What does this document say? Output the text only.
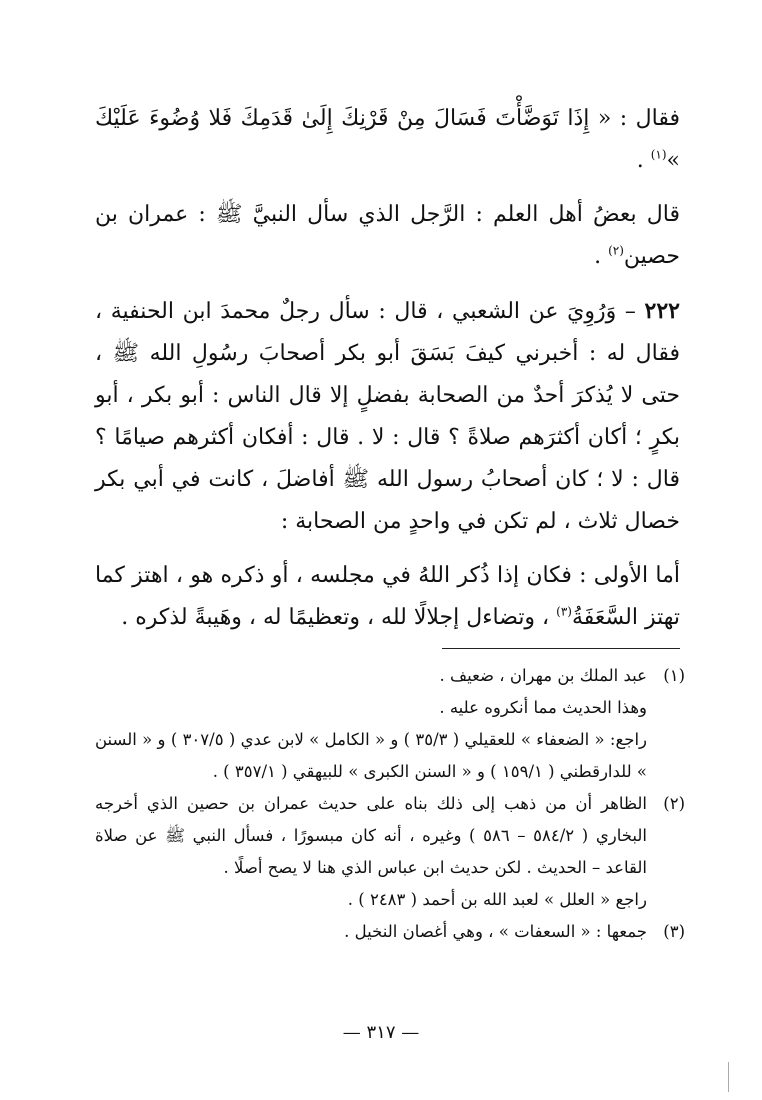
فقال : « إِذَا تَوَضَّأْتَ فَسَالَ مِنْ قَرْنِكَ إِلَىٰ قَدَمِكَ فَلا وُضُوءَ عَلَيْكَ »$^{(١)}$ .

قال بعضُ أهل العلم : الرَّجل الذي سأل النبيَّ ﷺ : عمران بن حصين$^{(٢)}$ .

٢٢٢ – وَرُوِيَ عن الشعبي ، قال : سأل رجلٌ محمدَ ابن الحنفية ، فقال له : أخبرني كيفَ بَسَقَ أبو بكر أصحابَ رسُولِ الله ﷺ ، حتى لا يُذكرَ أحدٌ من الصحابة بفضلٍ إلا قال الناس : أبو بكر ، أبو بكرٍ ؛ أكان أكثرَهم صلاةً ؟ قال : لا . قال : أفكان أكثرهم صيامًا ؟ قال : لا ؛ كان أصحابُ رسول الله ﷺ أفاضلَ ، كانت في أبي بكر خصال ثلاث ، لم تكن في واحدٍ من الصحابة :

أما الأولى : فكان إذا ذُكر اللهُ في مجلسه ، أو ذكره هو ، اهتز كما تهتز السَّعَفَةُ$^{(٣)}$ ، وتضاءل إجلالًا لله ، وتعظيمًا له ، وهَيبةً لذكره .

(١)
عبد الملك بن مهران ، ضعيف .
وهذا الحديث مما أنكروه عليه .
راجع: « الضعفاء » للعقيلي ( ٣٥/٣ ) و « الكامل » لابن عدي ( ٣٠٧/٥ ) و « السنن » للدارقطني ( ١٥٩/١ ) و « السنن الكبرى » للبيهقي ( ٣٥٧/١ ) .
(٢)
الظاهر أن من ذهب إلى ذلك بناه على حديث عمران بن حصين الذي أخرجه البخاري ( ٥٨٤/٢ – ٥٨٦ ) وغيره ، أنه كان مبسورًا ، فسأل النبي ﷺ عن صلاة القاعد – الحديث . لكن حديث ابن عباس الذي هنا لا يصح أصلًا .
راجع « العلل » لعبد الله بن أحمد ( ٢٤٨٣ ) .
(٣)
جمعها : « السعفات » ، وهي أغصان النخيل .
— ٣١٧ —
